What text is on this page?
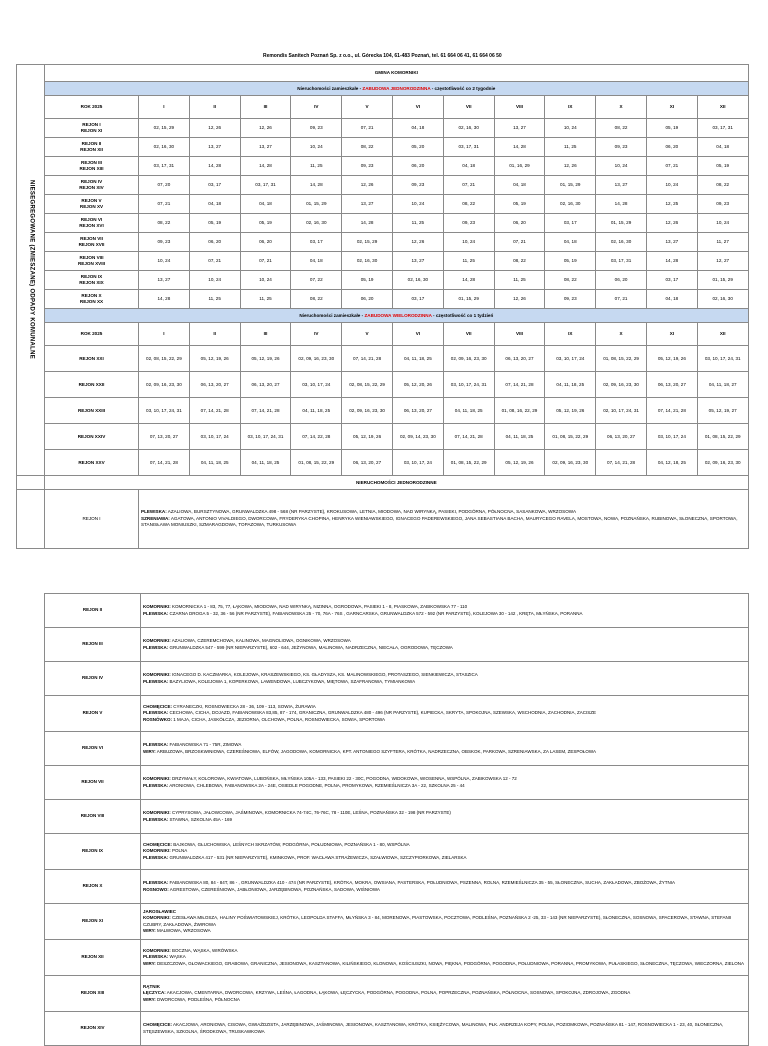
Remondis Sanitech Poznań Sp. z o.o., ul. Górecka 104, 61-483 Poznań, tel. 61 664 06 41, 61 664 06 50													
NIESEGREGOWANE (ZMIESZANE) ODPADY KOMUNALNE	GMINA KOMORNIKI												
	Nieruchomości zamieszkałe - ZABUDOWA JEDNORODZINNA - częstotliwość co 2 tygodnie												
	ROK 2025	I	II	III	IV	V	VI	VII	VIII	IX	X	XI	XII

	REJON I
REJON XI	02, 15, 29	12, 26	12, 26	09, 23	07, 21	04, 18	02, 16, 30	13, 27	10, 24	08, 22	05, 19	03, 17, 31

	REJON II
REJON XII	02, 16, 30	13, 27	13, 27	10, 24	08, 22	05, 20	03, 17, 31	14, 28	11, 25	09, 23	06, 20	04, 18

	REJON III
REJON XIII	03, 17, 31	14, 28	14, 28	11, 25	09, 23	06, 20	04, 18	01, 16, 29	12, 26	10, 24	07, 21	05, 19

	REJON IV
REJON XIV	07, 20	03, 17	03, 17, 31	14, 28	12, 26	09, 23	07, 21	04, 18	01, 15, 29	13, 27	10, 24	08, 22

	REJON V
REJON XV	07, 21	04, 18	04, 18	01, 15, 29	13, 27	10, 24	08, 22	05, 19	02, 16, 30	14, 28	12, 25	09, 23

	REJON VI
REJON XVI	08, 22	05, 19	05, 19	02, 16, 30	14, 28	11, 25	09, 23	06, 20	03, 17	01, 15, 29	12, 26	10, 24

	REJON VII
REJON XVII	09, 23	06, 20	06, 20	03, 17	02, 15, 29	12, 26	10, 24	07, 21	04, 18	02, 16, 30	13, 27	11, 27

	REJON VIII
REJON XVIII	10, 24	07, 21	07, 21	04, 18	02, 16, 30	13, 27	11, 25	08, 22	05, 19	03, 17, 31	14, 28	12, 27

	REJON IX
REJON XIX	13, 27	10, 24	10, 24	07, 22	05, 19	02, 16, 30	14, 28	11, 25	08, 22	06, 20	03, 17	01, 15, 29

	REJON X
REJON XX	14, 28	11, 25	11, 25	08, 22	06, 20	03, 17	01, 15, 29	12, 26	09, 23	07, 21	04, 18	02, 16, 30
	Nieruchomości zamieszkałe - ZABUDOWA WIELORODZINNA - częstotliwość co 1 tydzień												
	ROK 2025	I	II	III	IV	V	VI	VII	VIII	IX	X	XI	XII
	REJON XXI	02, 08, 15, 22, 29	05, 12, 19, 26	05, 12, 19, 26	02, 09, 16, 23, 30	07, 14, 21, 28	04, 11, 18, 25	02, 09, 16, 23, 30	06, 13, 20, 27	03, 10, 17, 24	01, 08, 15, 22, 29	05, 12, 19, 26	03, 10, 17, 24, 31
	REJON XXII	02, 09, 16, 23, 30	06, 13, 20, 27	06, 13, 20, 27	03, 10, 17, 24	02, 08, 15, 22, 29	05, 12, 20, 26	03, 10, 17, 24, 31	07, 14, 21, 28	04, 11, 18, 25	02, 09, 16, 23, 30	06, 13, 20, 27	04, 11, 18, 27
	REJON XXIII	03, 10, 17, 24, 31	07, 14, 21, 28	07, 14, 21, 28	04, 11, 18, 25	02, 09, 16, 23, 30	06, 13, 20, 27	04, 11, 18, 25	01, 08, 16, 22, 29	05, 12, 19, 26	02, 10, 17, 24, 31	07, 14, 21, 28	05, 12, 19, 27
	REJON XXIV	07, 13, 20, 27	03, 10, 17, 24	03, 10, 17, 24, 31	07, 14, 22, 28	05, 12, 19, 26	02, 09, 14, 23, 30	07, 14, 21, 28	04, 11, 18, 25	01, 08, 15, 22, 29	06, 13, 20, 27	03, 10, 17, 24	01, 08, 15, 22, 29
	REJON XXV	07, 14, 21, 28	04, 11, 18, 25	04, 11, 18, 25	01, 08, 15, 22, 29	06, 13, 20, 27	03, 10, 17, 24	01, 08, 15, 22, 29	05, 12, 19, 26	02, 09, 16, 23, 30	07, 14, 21, 28	04, 12, 18, 25	02, 09, 16, 23, 30
	NIERUCHOMOŚCI JEDNORODZINNE												
	REJON I	PLEWISKA: AZALIOWA, BURSZTYNOWA, GRUNWALDZKA 498 - 568 (NR PARZYSTE), KROKUSOWA, LETNIA, MIODOWA, NAD WIRYNKĄ, PASIEKI, PODGÓRNA, PÓŁNOCNA, SASANKOWA, WRZOSOWA
SZRENIAWA: AGATOWA, ANTONIO VIVALDIEGO, DWORCOWA, FRYDERYKA CHOPINA, HENRYKA WIENIAWSKIEGO, IGNACEGO PADEREWSKIEGO, JANA SEBASTIANA BACHA, MAURYCEGO RAVELA, MOSTOWA, NOWA, POZNAŃSKA, RUBINOWA, SŁONECZNA, SPORTOWA, STANISŁAWA MONIUSZKI, SZMARAGDOWA, TOPAZOWA, TURKUSOWA											
REJON II	KOMORNIKI: KOMORNICKA 1 - 83, 75, 77, ŁĄKOWA, MIODOWA, NAD WIRYNKĄ, NIZINNA, OGRODOWA, PASIEKI 1 - 8, PIASKOWA, ZABIKOWSKA 77 - 110
PLEWISKA: CZARNA DROGA 5 - 32, 36 - 56 (NR PARZYSTE), FABIANOWSKA 25 - 70, 76A - 76S , GARNCARSKA, GRUNWALDZKA 572 - 592 (NR PARZYSTE), KOLEJOWA 30 - 142 , KRĘTA, MŁYŃSKA, PORANNA

REJON III	KOMORNIKI: AZALIOWA, CZEREMCHOWA, KALINOWA, MAGNOLIOWA, OGNIKOWA, WRZOSOWA
PLEWISKA: GRUNWALDZKA 547 - 599 (NR NIEPARZYSTE), 602 - 644, JEŻYNOWA, MALINOWA, NADRZECZNA, NIECAŁA, OGRODOWA, TĘCZOWA

REJON IV	KOMORNIKI: IGNACEGO D. KACZMARKA, KOLEJOWA, KRASZEWSKIEGO, KS. GŁADYSZA, KS. MALINOWSKIEGO, PROTASZEGO, SIENKIEWICZA, STASZICA
PLEWISKA: BAZYLIOWA, KOLEJOWA 1, KOPERKOWA, LAWENDOWA, LUBCZYKOWA, MIĘTOWA, SZAFRANOWA, TYMIANKOWA

REJON V	CHOMĘCICE: CYRANECZKI, ROSNOWIECKA 28 - 36, 109 - 113, SOWIA, ŻURAWIA
PLEWISKA: CECHOWA, CICHA, DOJAZD, FABIANOWSKA 83,85, 87 - 174, GRANICZNA, GRUNWALDZKA 480 - 496 (NR PARZYSTE), KUPIECKA, SKRYTA, SPOKOJNA, SZEWSKA, WSCHODNIA, ZACHODNIA, ZACISZE
ROSNÓWKO: 1 MAJA, CICHA, JASKÓŁCZA, JEZIORNA, OLCHOWA, POLNA, ROSNOWIECKA, SOWIA, SPORTOWA

REJON VI	PLEWISKA: FABIANOWSKA 71 - 75R, ZIMOWA
WIRY: ARBUZOWA, BRZOSKWINIOWA, CZEREŚNIOWA, ELFÓW, JAGODOWA, KOMORNICKA, KPT. ANTONIEGO SZYFTERA, KRÓTKA, NADRZECZNA, OBSKOK, PARKOWA, SZRENIAWSKA, ZA LASEM, ZESPOŁOWA

REJON VII	KOMORNIKI: DRZYMAŁY, KOLOROWA, KWIATOWA, LUBOŃSKA, MŁYŃSKA 105A - 133, PASIEKI 22 - 30C, POGODNA, WIDOKOWA, WIOSENNA, WSPÓLNA, ZABIKOWSKA 12 - 72
PLEWISKA: ARONIOWA, CHLEBOWA, FABIANOWSKA 2A - 24E, OSIEDLE POGODNE, POLNA, PROMYKOWA, RZEMIEŚLNICZA 3A - 22, SZKOLNA 25 - 44

REJON VIII	KOMORNIKI: CYPRYSOWA, JAŁOWCOWA, JAŚMINOWA, KOMORNICKA 74-74C, 76-76C, 78 - 110E, LEŚNA, POZNAŃSKA 32 - 198 (NR PARZYSTE)
PLEWISKA: STAWNA, SZKOLNA 45A - 169

REJON IX	CHOMĘCICE: BAJKOWA, GŁUCHOWSKA, LEŚNYCH SKRZATÓW, PODGÓRNA, POŁUDNIOWA, POZNAŃSKA 1 - 80, WSPÓLNA
KOMORNIKI: POLNA
PLEWISKA: GRUNWALDZKA 417 - 531 (NR NIEPARZYSTE), KMINKOWA, PROF. WACŁAWA STRAŻEWICZA, SZAŁWIOWA, SZCZYPIORKOWA, ZIELARSKA

REJON X	PLEWISKA: FABIANOWSKA 80, 84 - 84T, 86 - , GRUNWALDZKA 410 - 474 (NR PARZYSTE), KRÓTKA, MOKRA, OWSIANA, PASTERSKA, POŁUDNIOWA, PSZENNA, ROLNA, RZEMIEŚLNICZA 35 - 55, SŁONECZNA, SUCHA, ZAKŁADOWA, ZBOŻOWA, ŻYTNIA
ROSNOWO: AGRESTOWA, CZEREŚNIOWA, JABŁONIOWA, JARZĘBINOWA, POZNAŃSKA, SADOWA, WIŚNIOWA

REJON XI	JAROSŁAWIEC
KOMORNIKI: CZESŁAWA MIŁOSZA, HALINY POŚWIATOWSKIEJ, KRÓTKA, LEOPOLDA STAFFA, MŁYŃSKA 3 - 84, MORENOWA, PIASTOWSKA, POCZTOWA, PODLEŚNA, POZNAŃSKA 2 -25, 33 - 143 (NR NIEPARZYSTE), SŁONECZNA, SOSNOWA, SPACEROWA, STAWNA, STEFANII CZUBRY, ZAKŁADOWA, ŻWIROWA
WIRY: MALWOWA, WRZOSOWA

REJON XII	KOMORNIKI: BOCZNA, WĄSKA, WIRÓWSKA
PLEWISKA: WĄSKA
WIRY: DESZCZOWA, GŁOWACKIEGO, GRABOWA, GRANICZNA, JESIONOWA, KASZTANOWA, KILIŃSKIEGO, KLONOWA, KOŚCIUSZKI, NOWA, PIĘKNA, PODGÓRNA, POGODNA, POŁUDNIOWA, PORANNA, PROMYKOWA, PUŁASKIEGO, SŁONECZNA, TĘCZOWA, WIECZORNA, ZIELONA

REJON XIII	RĄTNIK
ŁĘCZYCA: AKACJOWA, CMENTARNA, DWORCOWA, KRZYWA, LEŚNA, ŁAGODNA, ŁĄKOWA, ŁĘCZYCKA, PODGÓRNA, POGODNA, POLNA, POPRZECZNA, POZNAŃSKA, PÓŁNOCNA, SOSNOWA, SPOKOJNA, ZDROJOWA, ZGODNA
WIRY: DWORCOWA, PODLEŚNA, PÓŁNOCNA

REJON XIV	CHOMĘCICE: AKACJOWA, ARONIOWA, CISOWA, GWIAŹDZISTA, JARZĘBINOWA, JAŚMINOWA, JESIONOWA, KASZTANOWA, KRÓTKA, KSIĘŻYCOWA, MALINOWA, PŁK. ANDRZEJA KOPY, POLNA, POZIOMKOWA, POZNAŃSKA 81 - 147, ROSNOWIECKA 1 - 23, 40, SŁONECZNA, STĘSZEWSKA, SZKOLNA, ŚRODKOWA, TRUSKAWKOWA
